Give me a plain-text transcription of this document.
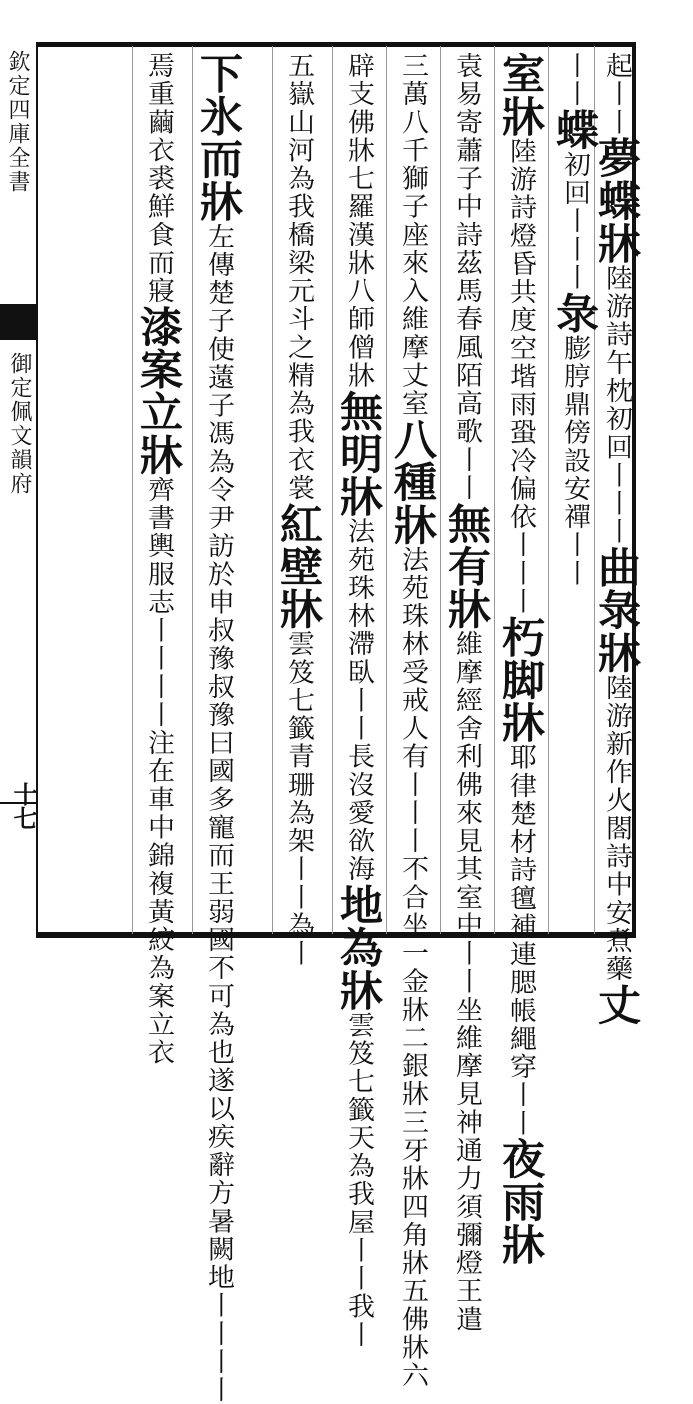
欽定四庫全書
御定佩文韻府
十七
起丨丨夢蝶牀陸游詩午枕初回丨丨丨曲彔牀陸游新作火閤詩中安煮藥丈
丨丨蝶初回丨丨丨彔膨脝鼎傍設安禪丨丨
室牀陸游詩燈昏共度空堦雨蛩冷偏依丨丨丨朽脚牀耶律楚材詩氊補連腮帳繩穿丨丨夜雨牀
袁易寄蕭子中詩茲馬春風陌高歌丨丨無有牀維摩經舍利佛來見其室中丨丨坐維摩見神通力須彌燈王遣
三萬八千獅子座來入維摩丈室八種牀法苑珠林受戒人有丨丨丨不合坐一金牀二銀牀三牙牀四角牀五佛牀六
辟支佛牀七羅漢牀八師僧牀無明牀法苑珠林滯臥丨丨長沒愛欲海地為牀雲笈七籤天為我屋丨丨我丨
五嶽山河為我橋梁元斗之精為我衣裳紅壁牀雲笈七籤青珊為架丨丨為丨
下氷而牀左傳楚子使薳子馮為令尹訪於申叔豫叔豫曰國多寵而王弱國不可為也遂以疾辭方暑闕地丨丨丨丨
焉重繭衣裘鮮食而寢漆案立牀齊書輿服志丨丨丨丨注在車中錦複黃絞為案立衣
